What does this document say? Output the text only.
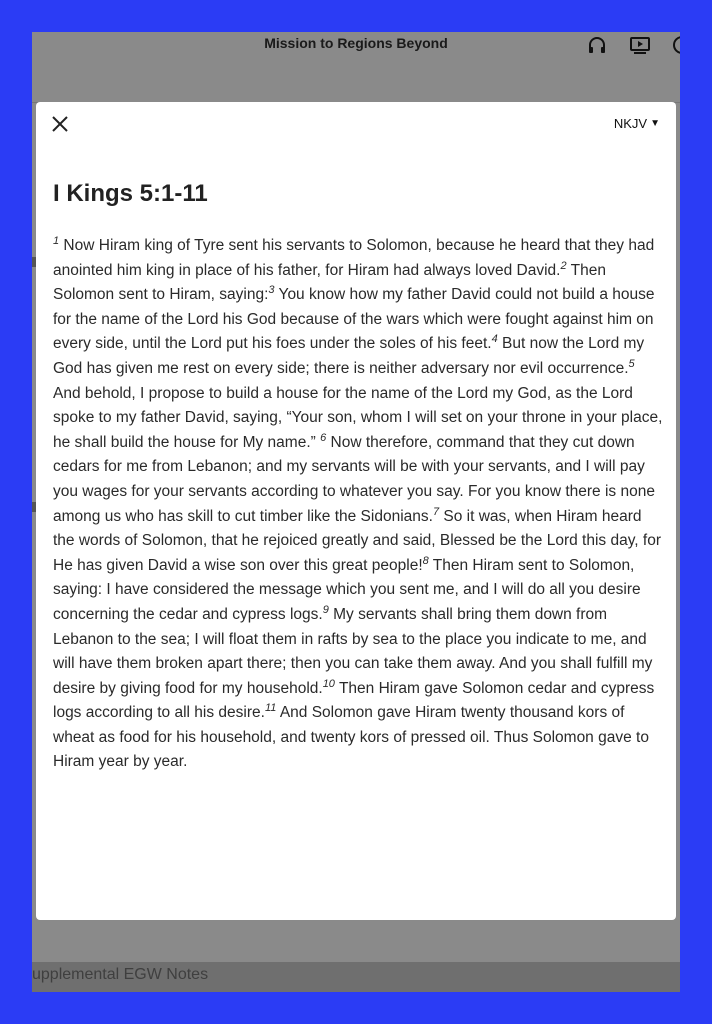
Mission to Regions Beyond
upplemental EGW Notes
NKJV ▼
I Kings 5:1-11

$^1$ Now Hiram king of Tyre sent his servants to Solomon, because he heard that they had anointed him king in place of his father, for Hiram had always loved David.$^2$ Then Solomon sent to Hiram, saying:$^3$ You know how my father David could not build a house for the name of the Lord his God because of the wars which were fought against him on every side, until the Lord put his foes under the soles of his feet.$^4$ But now the Lord my God has given me rest on every side; there is neither adversary nor evil occurrence.$^5$ And behold, I propose to build a house for the name of the Lord my God, as the Lord spoke to my father David, saying, “Your son, whom I will set on your throne in your place, he shall build the house for My name.” $^6$ Now therefore, command that they cut down cedars for me from Lebanon; and my servants will be with your servants, and I will pay you wages for your servants according to whatever you say. For you know there is none among us who has skill to cut timber like the Sidonians.$^7$ So it was, when Hiram heard the words of Solomon, that he rejoiced greatly and said, Blessed be the Lord this day, for He has given David a wise son over this great people!$^8$ Then Hiram sent to Solomon, saying: I have considered the message which you sent me, and I will do all you desire concerning the cedar and cypress logs.$^9$ My servants shall bring them down from Lebanon to the sea; I will float them in rafts by sea to the place you indicate to me, and will have them broken apart there; then you can take them away. And you shall fulfill my desire by giving food for my household.$^{10}$ Then Hiram gave Solomon cedar and cypress logs according to all his desire.$^{11}$ And Solomon gave Hiram twenty thousand kors of wheat as food for his household, and twenty kors of pressed oil. Thus Solomon gave to Hiram year by year.
